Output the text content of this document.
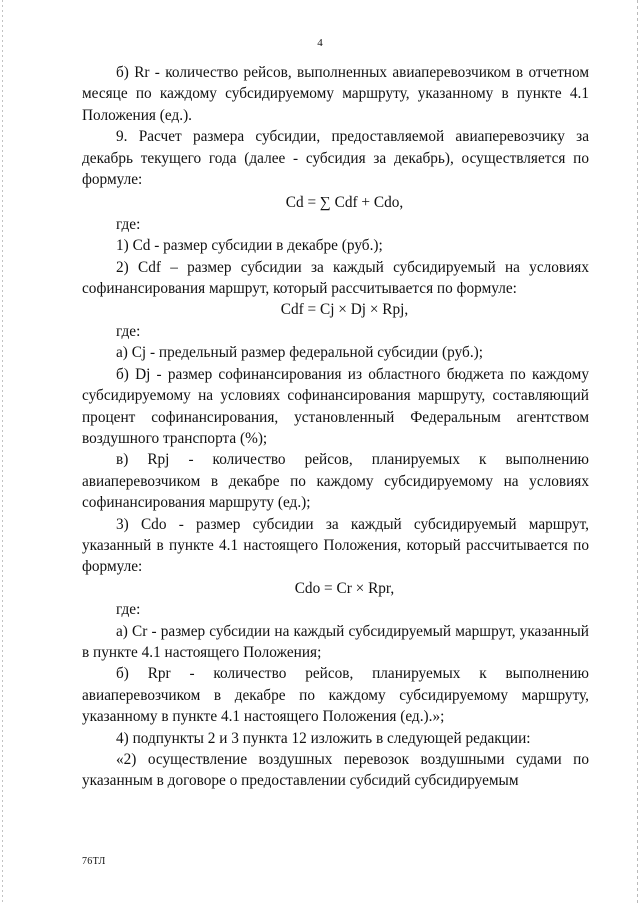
4

б) Rr - количество рейсов, выполненных авиаперевозчиком в отчетном месяце по каждому субсидируемому маршруту, указанному в пункте 4.1 Положения (ед.).

9. Расчет размера субсидии, предоставляемой авиаперевозчику за декабрь текущего года (далее - субсидия за декабрь), осуществляется по формуле:

Cd = ∑ Cdf + Cdo,

где:

1) Cd - размер субсидии в декабре (руб.);

2) Cdf – размер субсидии за каждый субсидируемый на условиях софинансирования маршрут, который рассчитывается по формуле:

Cdf = Cj × Dj × Rpj,

где:

а) Cj - предельный размер федеральной субсидии (руб.);

б) Dj - размер софинансирования из областного бюджета по каждому субсидируемому на условиях софинансирования маршруту, составляющий процент софинансирования, установленный Федеральным агентством воздушного транспорта (%);

в) Rpj - количество рейсов, планируемых к выполнению авиаперевозчиком в декабре по каждому субсидируемому на условиях софинансирования маршруту (ед.);

3) Cdo - размер субсидии за каждый субсидируемый маршрут, указанный в пункте 4.1 настоящего Положения, который рассчитывается по формуле:

Cdo = Cr × Rpr,

где:

а) Cr - размер субсидии на каждый субсидируемый маршрут, указанный в пункте 4.1 настоящего Положения;

б) Rpr - количество рейсов, планируемых к выполнению авиаперевозчиком в декабре по каждому субсидируемому маршруту, указанному в пункте 4.1 настоящего Положения (ед.).»;

4) подпункты 2 и 3 пункта 12 изложить в следующей редакции:

«2) осуществление воздушных перевозок воздушными судами по указанным в договоре о предоставлении субсидий субсидируемым

76ТЛ
